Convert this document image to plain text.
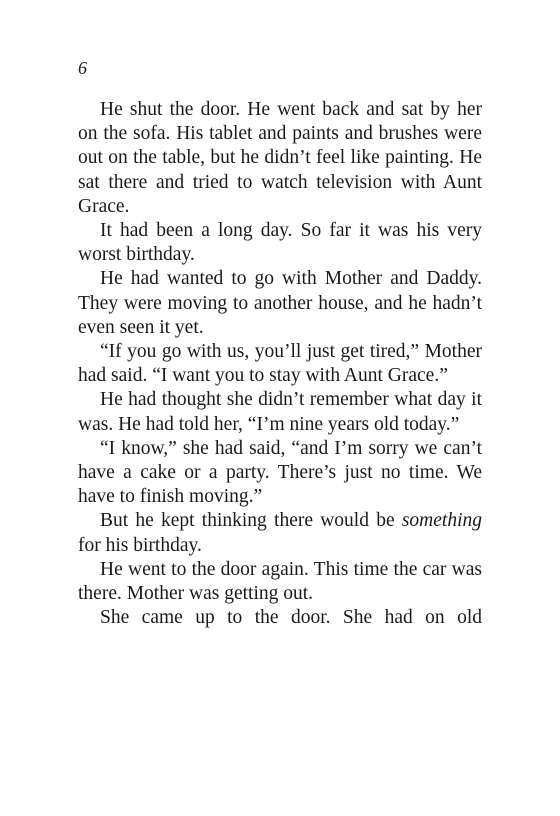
6

He shut the door. He went back and sat by her on the sofa. His tablet and paints and brushes were out on the table, but he didn’t feel like painting. He sat there and tried to watch television with Aunt Grace.

It had been a long day. So far it was his very worst birthday.

He had wanted to go with Mother and Daddy. They were moving to another house, and he hadn’t even seen it yet.

“If you go with us, you’ll just get tired,” Mother had said. “I want you to stay with Aunt Grace.”

He had thought she didn’t remember what day it was. He had told her, “I’m nine years old today.”

“I know,” she had said, “and I’m sorry we can’t have a cake or a party. There’s just no time. We have to finish moving.”

But he kept thinking there would be something for his birthday.

He went to the door again. This time the car was there. Mother was getting out.

She came up to the door. She had on old
